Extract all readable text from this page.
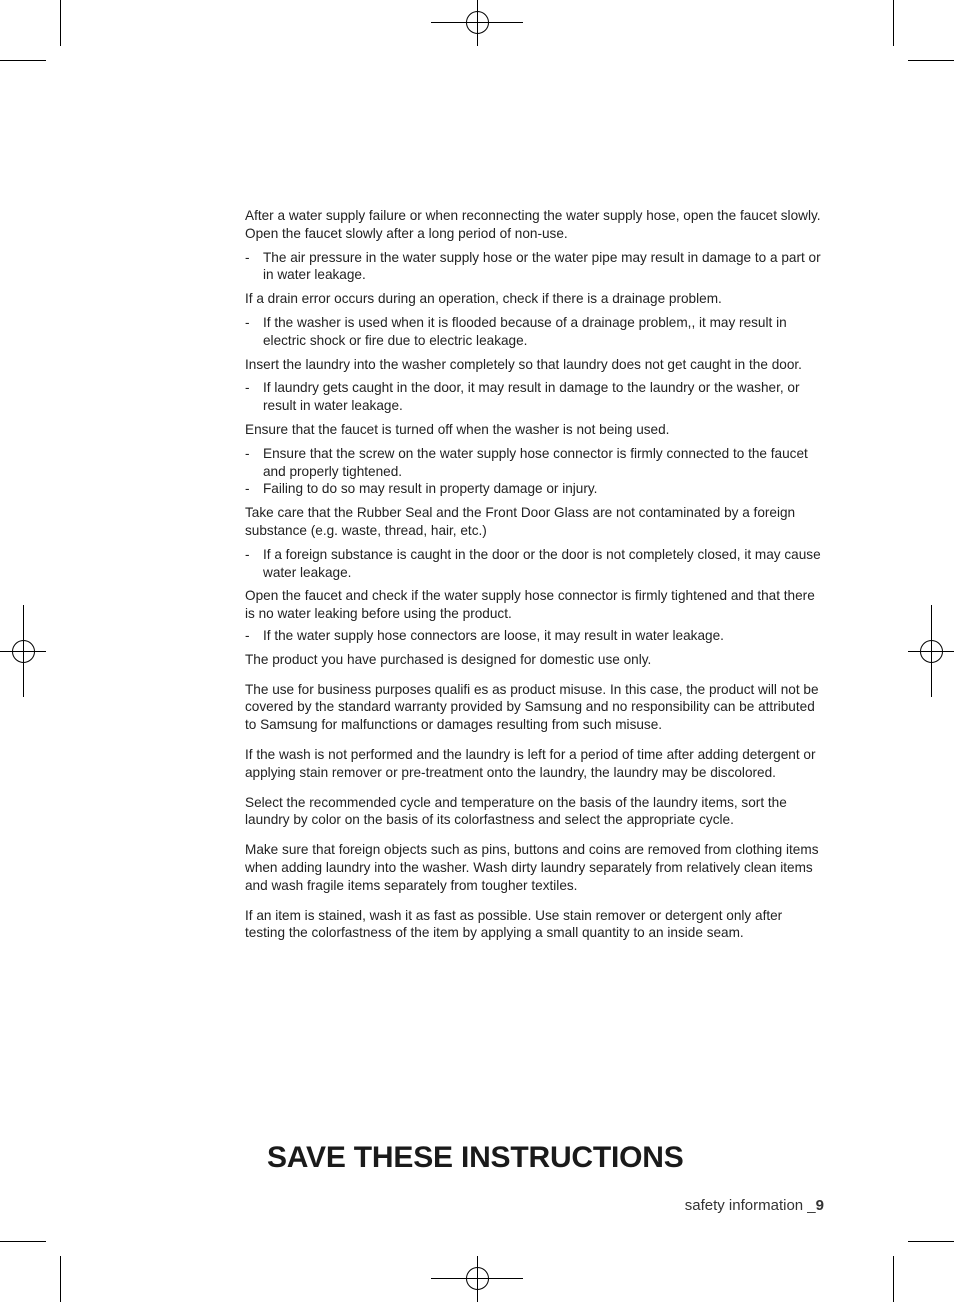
After a water supply failure or when reconnecting the water supply hose, open the faucet slowly.

Open the faucet slowly after a long period of non-use.

- The air pressure in the water supply hose or the water pipe may result in damage to a part or in water leakage.

If a drain error occurs during an operation, check if there is a drainage problem.

- If the washer is used when it is flooded because of a drainage problem,, it may result in electric shock or fire due to electric leakage.

Insert the laundry into the washer completely so that laundry does not get caught in the door.

- If laundry gets caught in the door, it may result in damage to the laundry or the washer, or result in water leakage.

Ensure that the faucet is turned off when the washer is not being used.

- Ensure that the screw on the water supply hose connector is firmly connected to the faucet and properly tightened.
- Failing to do so may result in property damage or injury.

Take care that the Rubber Seal and the Front Door Glass are not contaminated by a foreign substance (e.g. waste, thread, hair, etc.)

- If a foreign substance is caught in the door or the door is not completely closed, it may cause water leakage.

Open the faucet and check if the water supply hose connector is firmly tightened and that there is no water leaking before using the product.

- If the water supply hose connectors are loose, it may result in water leakage.

The product you have purchased is designed for domestic use only.

The use for business purposes qualifi es as product misuse. In this case, the product will not be covered by the standard warranty provided by Samsung and no responsibility can be attributed to Samsung for malfunctions or damages resulting from such misuse.

If the wash is not performed and the laundry is left for a period of time after adding detergent or applying stain remover or pre-treatment onto the laundry, the laundry may be discolored.

Select the recommended cycle and temperature on the basis of the laundry items, sort the laundry by color on the basis of its colorfastness and select the appropriate cycle.

Make sure that foreign objects such as pins, buttons and coins are removed from clothing items when adding laundry into the washer. Wash dirty laundry separately from relatively clean items and wash fragile items separately from tougher textiles.

If an item is stained, wash it as fast as possible. Use stain remover or detergent only after testing the colorfastness of the item by applying a small quantity to an inside seam.

SAVE THESE INSTRUCTIONS
safety information _9
